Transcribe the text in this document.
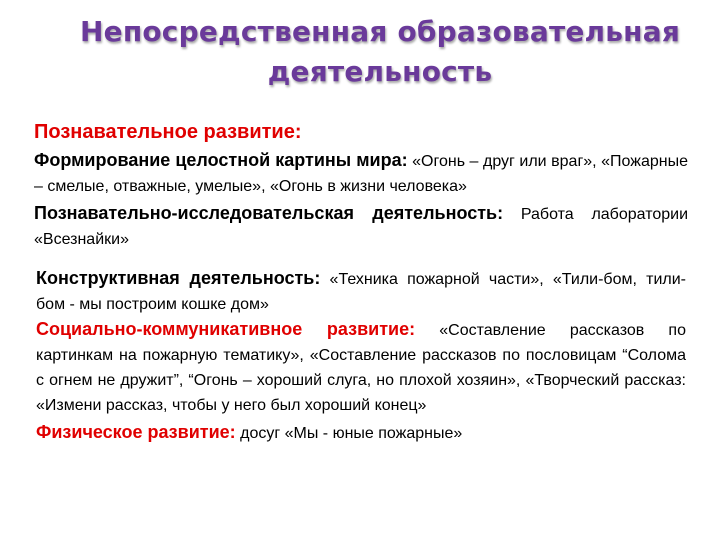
Непосредственная образовательная
деятельность
Познавательное развитие:

Формирование целостной картины мира: «Огонь – друг или враг», «Пожарные – смелые, отважные, умелые», «Огонь в жизни человека»

Познавательно-исследовательская деятельность: Работа лаборатории «Всезнайки»

Конструктивная деятельность: «Техника пожарной части», «Тили-бом, тили-бом - мы построим кошке дом»

Социально-коммуникативное развитие: «Составление рассказов по картинкам на пожарную тематику», «Составление рассказов по пословицам “Солома с огнем не дружит”, “Огонь – хороший слуга, но плохой хозяин», «Творческий рассказ: «Измени рассказ, чтобы у него был хороший конец»

Физическое развитие: досуг «Мы - юные пожарные»
